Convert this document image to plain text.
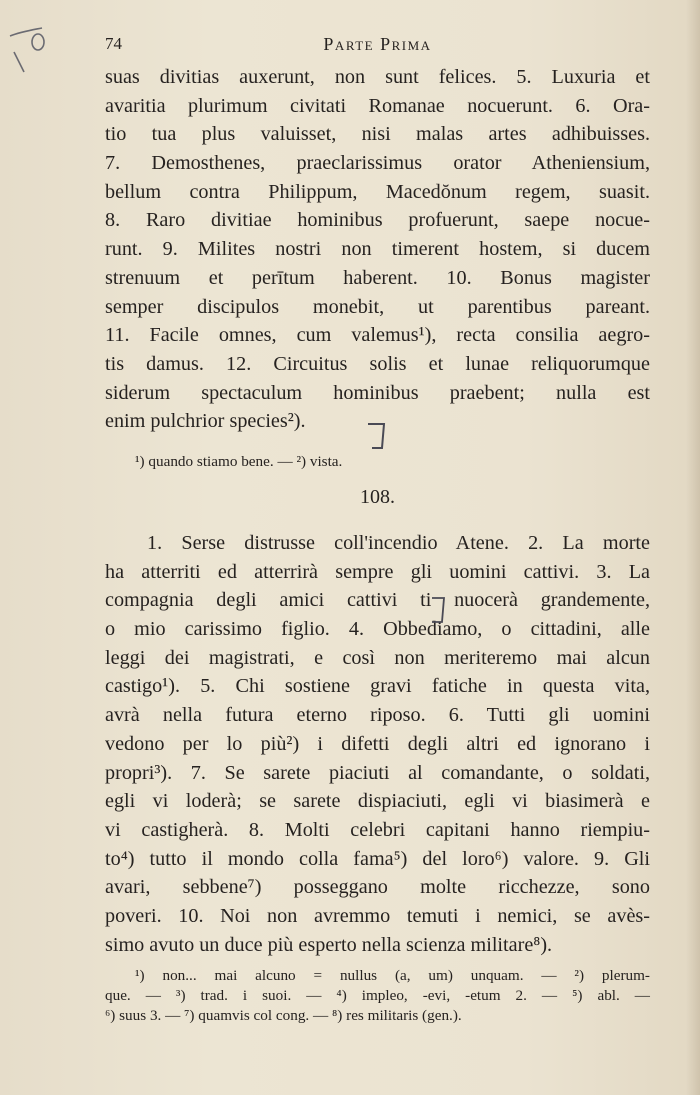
74	Parte Prima
suas divitias auxerunt, non sunt felices. 5. Luxuria et
avaritia plurimum civitati Romanae nocuerunt. 6. Ora-
tio tua plus valuisset, nisi malas artes adhibuisses.
7. Demosthenes, praeclarissimus orator Atheniensium,
bellum contra Philippum, Macedŏnum regem, suasit.
8. Raro divitiae hominibus profuerunt, saepe nocue-
runt. 9. Milites nostri non timerent hostem, si ducem
strenuum et perītum haberent. 10. Bonus magister
semper discipulos monebit, ut parentibus pareant.
11. Facile omnes, cum valemus¹), recta consilia aegro-
tis damus. 12. Circuitus solis et lunae reliquorumque
siderum spectaculum hominibus praebent; nulla est
enim pulchrior species²).
¹) quando stiamo bene. — ²) vista.
108.
1. Serse distrusse coll'incendio Atene. 2. La morte
ha atterriti ed atterrirà sempre gli uomini cattivi. 3. La
compagnia degli amici cattivi ti nuocerà grandemente,
o mio carissimo figlio. 4. Obbediamo, o cittadini, alle
leggi dei magistrati, e così non meriteremo mai alcun
castigo¹). 5. Chi sostiene gravi fatiche in questa vita,
avrà nella futura eterno riposo. 6. Tutti gli uomini
vedono per lo più²) i difetti degli altri ed ignorano i
propri³). 7. Se sarete piaciuti al comandante, o soldati,
egli vi loderà; se sarete dispiaciuti, egli vi biasimerà e
vi castigherà. 8. Molti celebri capitani hanno riempiu-
to⁴) tutto il mondo colla fama⁵) del loro⁶) valore. 9. Gli
avari, sebbene⁷) posseggano molte ricchezze, sono
poveri. 10. Noi non avremmo temuti i nemici, se avès-
simo avuto un duce più esperto nella scienza militare⁸).
¹) non... mai alcuno = nullus (a, um) unquam. — ²) plerum-
que. — ³) trad. i suoi. — ⁴) impleo, -evi, -etum 2. — ⁵) abl. —
⁶) suus 3. — ⁷) quamvis col cong. — ⁸) res militaris (gen.).
